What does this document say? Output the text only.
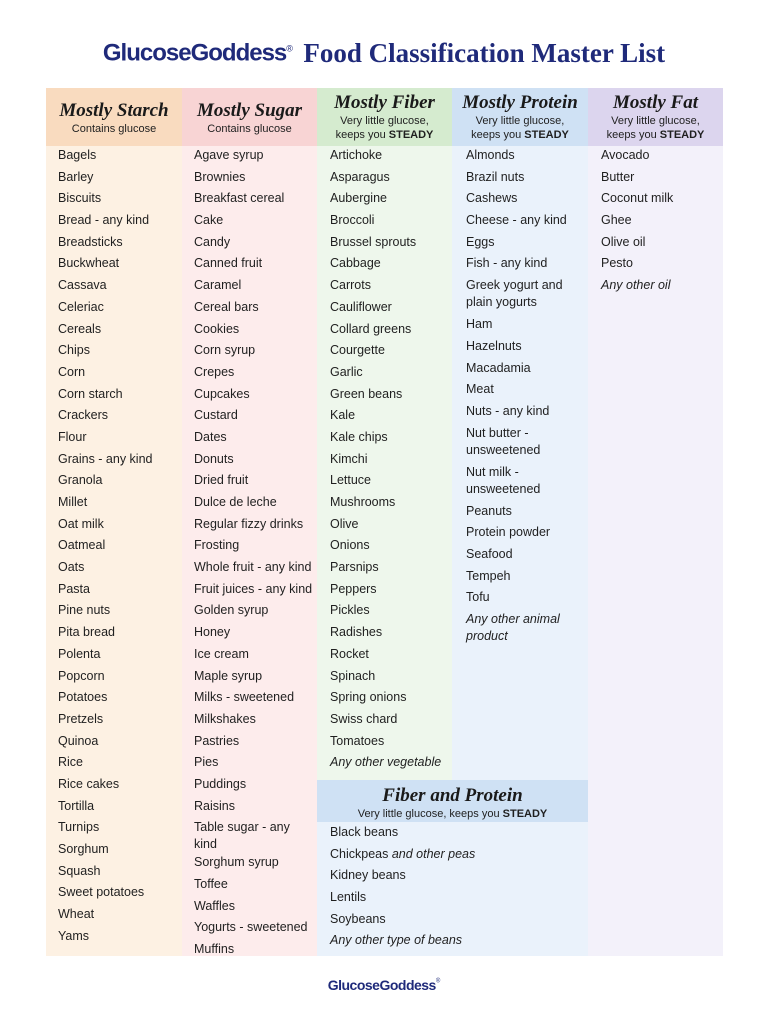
GlucoseGoddess® Food Classification Master List
Mostly Starch
Contains glucose
Mostly Sugar
Contains glucose
Mostly Fiber
Very little glucose,
keeps you STEADY
Mostly Protein
Very little glucose,
keeps you STEADY
Mostly Fat
Very little glucose,
keeps you STEADY
Fiber and Protein
Very little glucose, keeps you STEADY
Bagels
Barley
Biscuits
Bread - any kind
Breadsticks
Buckwheat
Cassava
Celeriac
Cereals
Chips
Corn
Corn starch
Crackers
Flour
Grains - any kind
Granola
Millet
Oat milk
Oatmeal
Oats
Pasta
Pine nuts
Pita bread
Polenta
Popcorn
Potatoes
Pretzels
Quinoa
Rice
Rice cakes
Tortilla
Turnips
Sorghum
Squash
Sweet potatoes
Wheat
Yams
Agave syrup
Brownies
Breakfast cereal
Cake
Candy
Canned fruit
Caramel
Cereal bars
Cookies
Corn syrup
Crepes
Cupcakes
Custard
Dates
Donuts
Dried fruit
Dulce de leche
Regular fizzy drinks
Frosting
Whole fruit - any kind
Fruit juices - any kind
Golden syrup
Honey
Ice cream
Maple syrup
Milks - sweetened
Milkshakes
Pastries
Pies
Puddings
Raisins
Table sugar - any kind
Sorghum syrup
Toffee
Waffles
Yogurts - sweetened
Muffins
Artichoke
Asparagus
Aubergine
Broccoli
Brussel sprouts
Cabbage
Carrots
Cauliflower
Collard greens
Courgette
Garlic
Green beans
Kale
Kale chips
Kimchi
Lettuce
Mushrooms
Olive
Onions
Parsnips
Peppers
Pickles
Radishes
Rocket
Spinach
Spring onions
Swiss chard
Tomatoes
Any other vegetable
Almonds
Brazil nuts
Cashews
Cheese - any kind
Eggs
Fish - any kind
Greek yogurt and
plain yogurts
Ham
Hazelnuts
Macadamia
Meat
Nuts - any kind
Nut butter -
unsweetened
Nut milk -
unsweetened
Peanuts
Protein powder
Seafood
Tempeh
Tofu
Any other animal
product
Avocado
Butter
Coconut milk
Ghee
Olive oil
Pesto
Any other oil
Black beans
Chickpeas and other peas
Kidney beans
Lentils
Soybeans
Any other type of beans
GlucoseGoddess®
